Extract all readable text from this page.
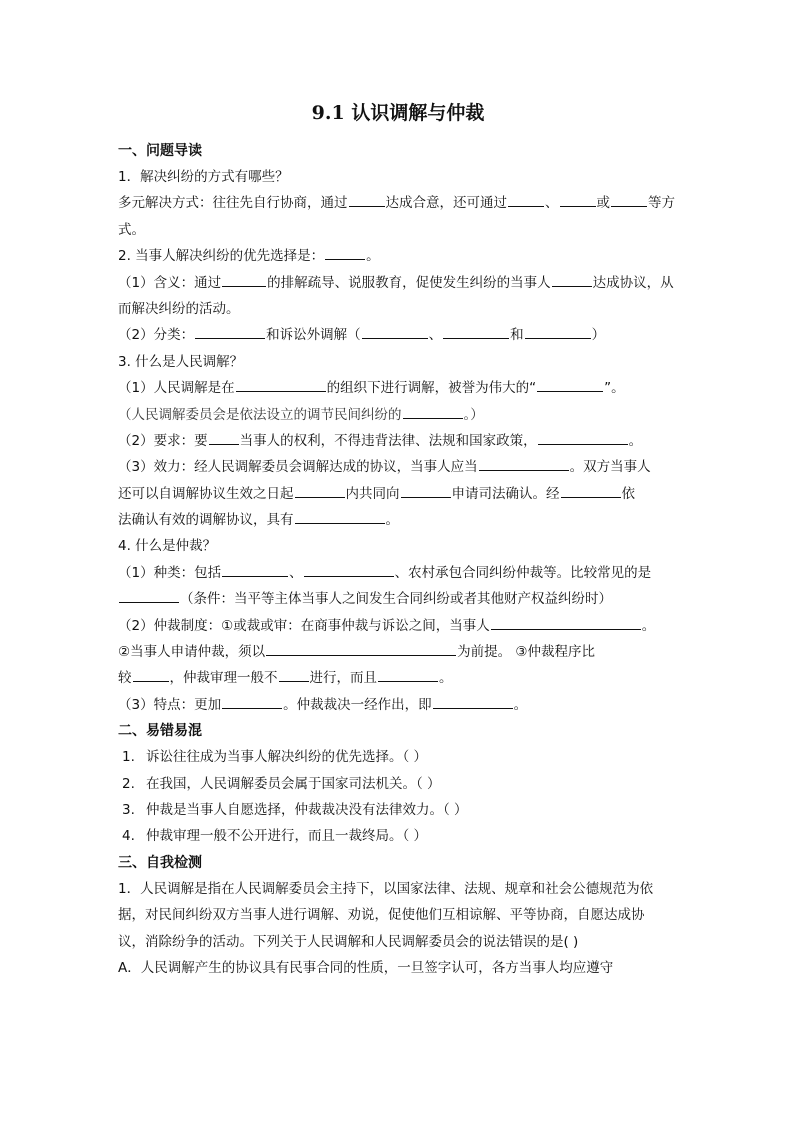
9.1 认识调解与仲裁
一、问题导读
1．解决纠纷的方式有哪些？
多元解决方式：往往先自行协商，通过	达成合意，还可通过	、	或	等方
式。
2. 当事人解决纠纷的优先选择是：	。
（1）含义：通过	的排解疏导、说服教育，促使发生纠纷的当事人	达成协议，从
而解决纠纷的活动。
（2）分类：	和诉讼外调解（	、	和	）
3. 什么是人民调解？
（1）人民调解是在	的组织下进行调解，被誉为伟大的“	”。
（人民调解委员会是依法设立的调节民间纠纷的	。）
（2）要求：要 当事人的权利，不得违背法律、法规和国家政策，	。
（3）效力：经人民调解委员会调解达成的协议，当事人应当	。双方当事人
还可以自调解协议生效之日起	内共同向	申请司法确认。经	依
法确认有效的调解协议，具有	。
4. 什么是仲裁？
（1）种类：包括	、	、农村承包合同纠纷仲裁等。比较常见的是
（条件：当平等主体当事人之间发生合同纠纷或者其他财产权益纠纷时）
（2）仲裁制度：①或裁或审：在商事仲裁与诉讼之间，当事人	。
②当事人申请仲裁，须以	为前提。 ③仲裁程序比
较	，仲裁审理一般不 进行，而且	。
（3）特点：更加	。仲裁裁决一经作出，即	。
二、易错易混
1. 诉讼往往成为当事人解决纠纷的优先选择。（ ）
2. 在我国，人民调解委员会属于国家司法机关。（ ）
3. 仲裁是当事人自愿选择，仲裁裁决没有法律效力。（ ）
4. 仲裁审理一般不公开进行，而且一裁终局。（ ）
三、自我检测
1．人民调解是指在人民调解委员会主持下，以国家法律、法规、规章和社会公德规范为依
据，对民间纠纷双方当事人进行调解、劝说，促使他们互相谅解、平等协商，自愿达成协
议，消除纷争的活动。下列关于人民调解和人民调解委员会的说法错误的是( )
A．人民调解产生的协议具有民事合同的性质，一旦签字认可，各方当事人均应遵守
